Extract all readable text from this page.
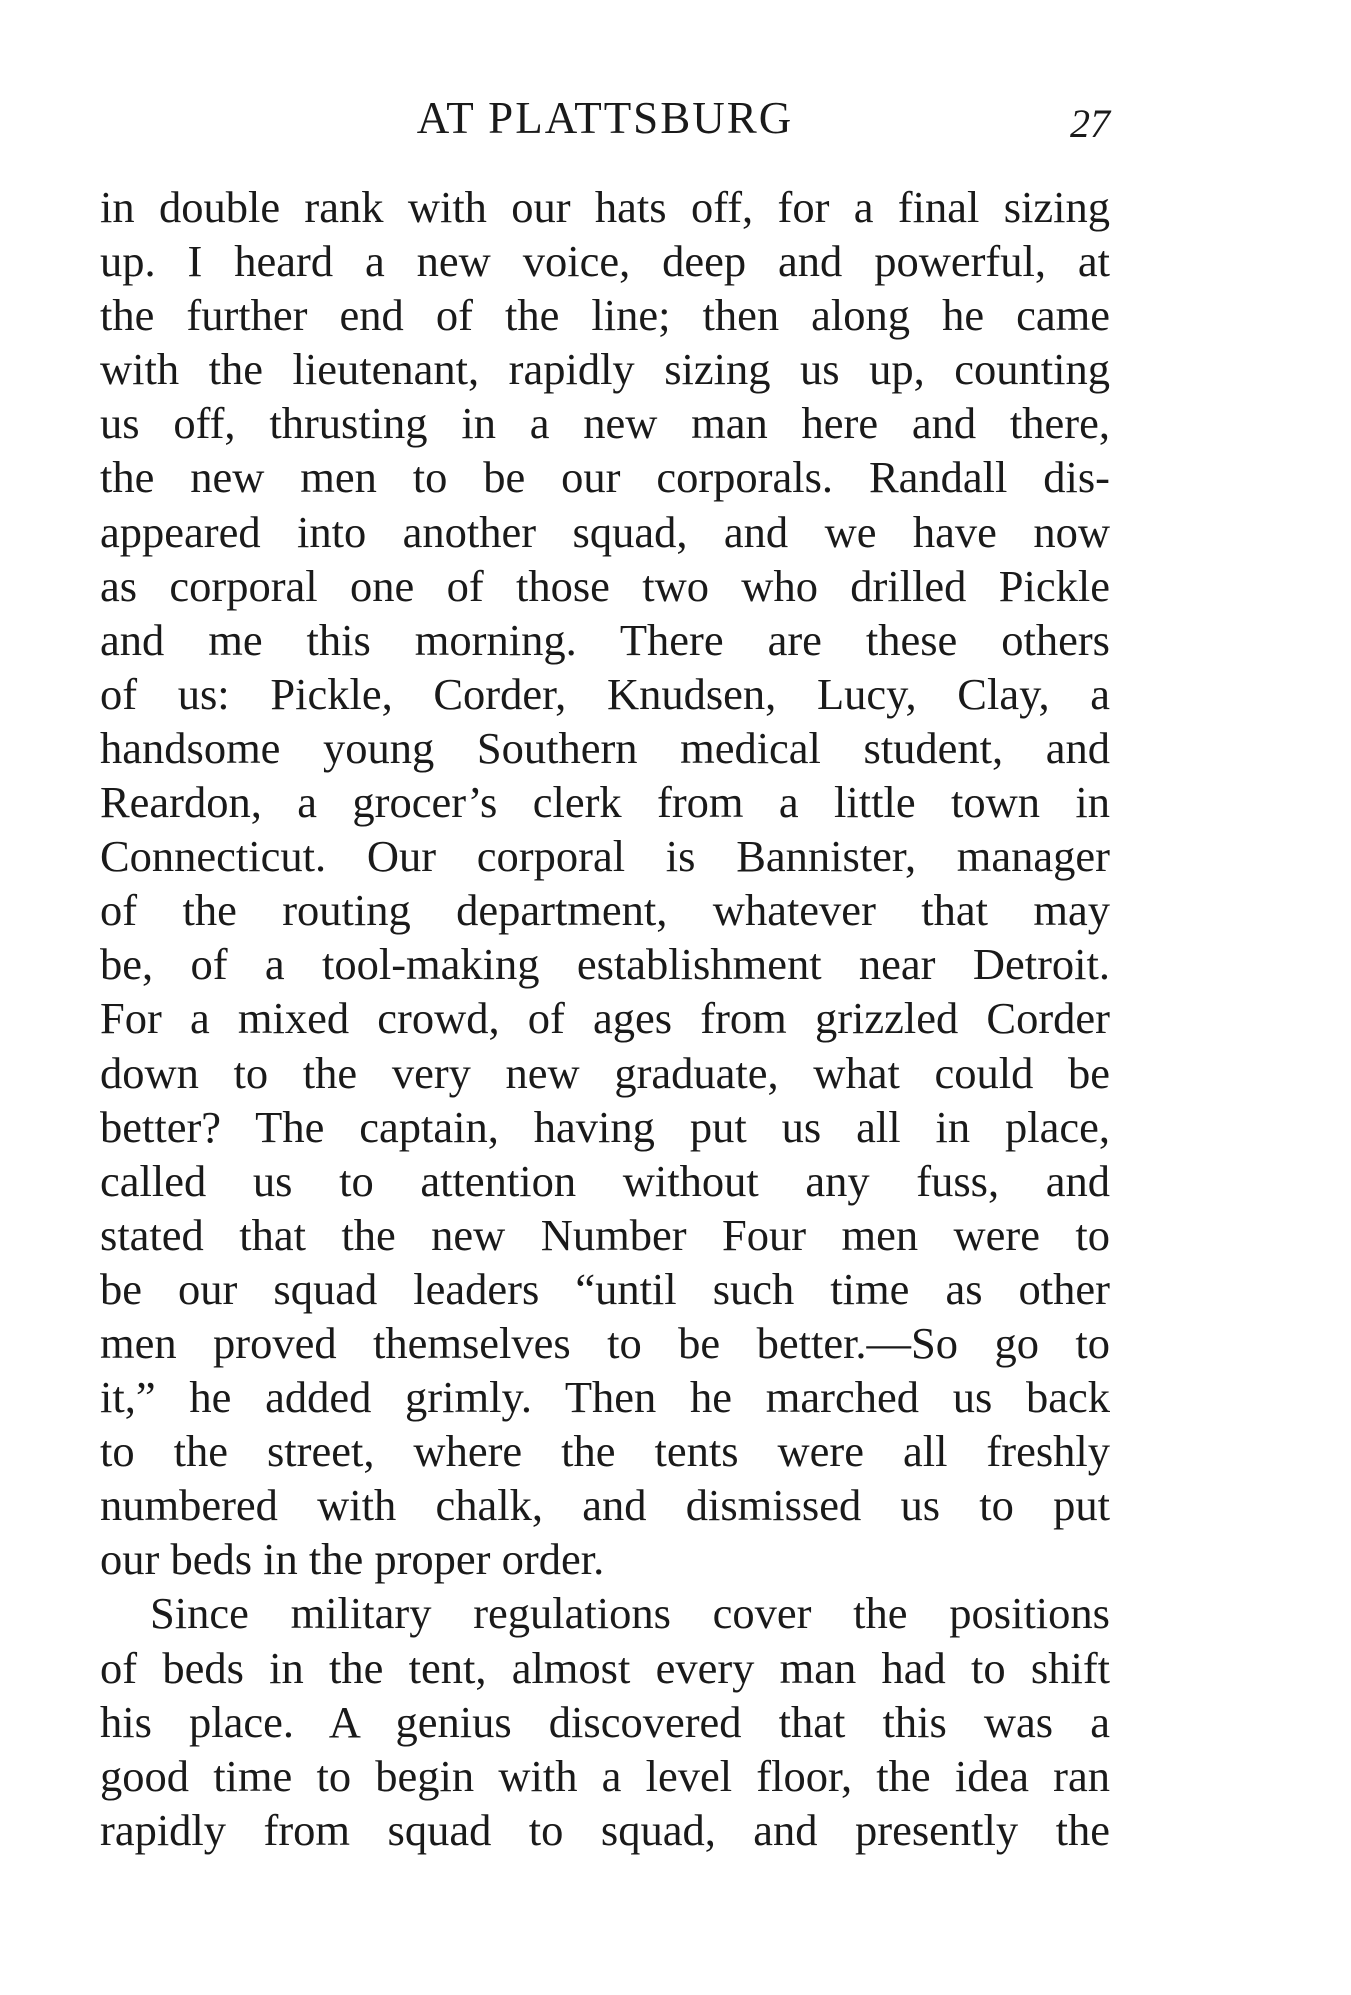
AT PLATTSBURG	27
in double rank with our hats off, for a final sizing
up. I heard a new voice, deep and powerful, at
the further end of the line; then along he came
with the lieutenant, rapidly sizing us up, counting
us off, thrusting in a new man here and there,
the new men to be our corporals. Randall dis-
appeared into another squad, and we have now
as corporal one of those two who drilled Pickle
and me this morning. There are these others
of us: Pickle, Corder, Knudsen, Lucy, Clay, a
handsome young Southern medical student, and
Reardon, a grocer’s clerk from a little town in
Connecticut. Our corporal is Bannister, manager
of the routing department, whatever that may
be, of a tool-making establishment near Detroit.
For a mixed crowd, of ages from grizzled Corder
down to the very new graduate, what could be
better? The captain, having put us all in place,
called us to attention without any fuss, and
stated that the new Number Four men were to
be our squad leaders “until such time as other
men proved themselves to be better.—So go to
it,” he added grimly. Then he marched us back
to the street, where the tents were all freshly
numbered with chalk, and dismissed us to put
our beds in the proper order.
Since military regulations cover the positions
of beds in the tent, almost every man had to shift
his place. A genius discovered that this was a
good time to begin with a level floor, the idea ran
rapidly from squad to squad, and presently the
